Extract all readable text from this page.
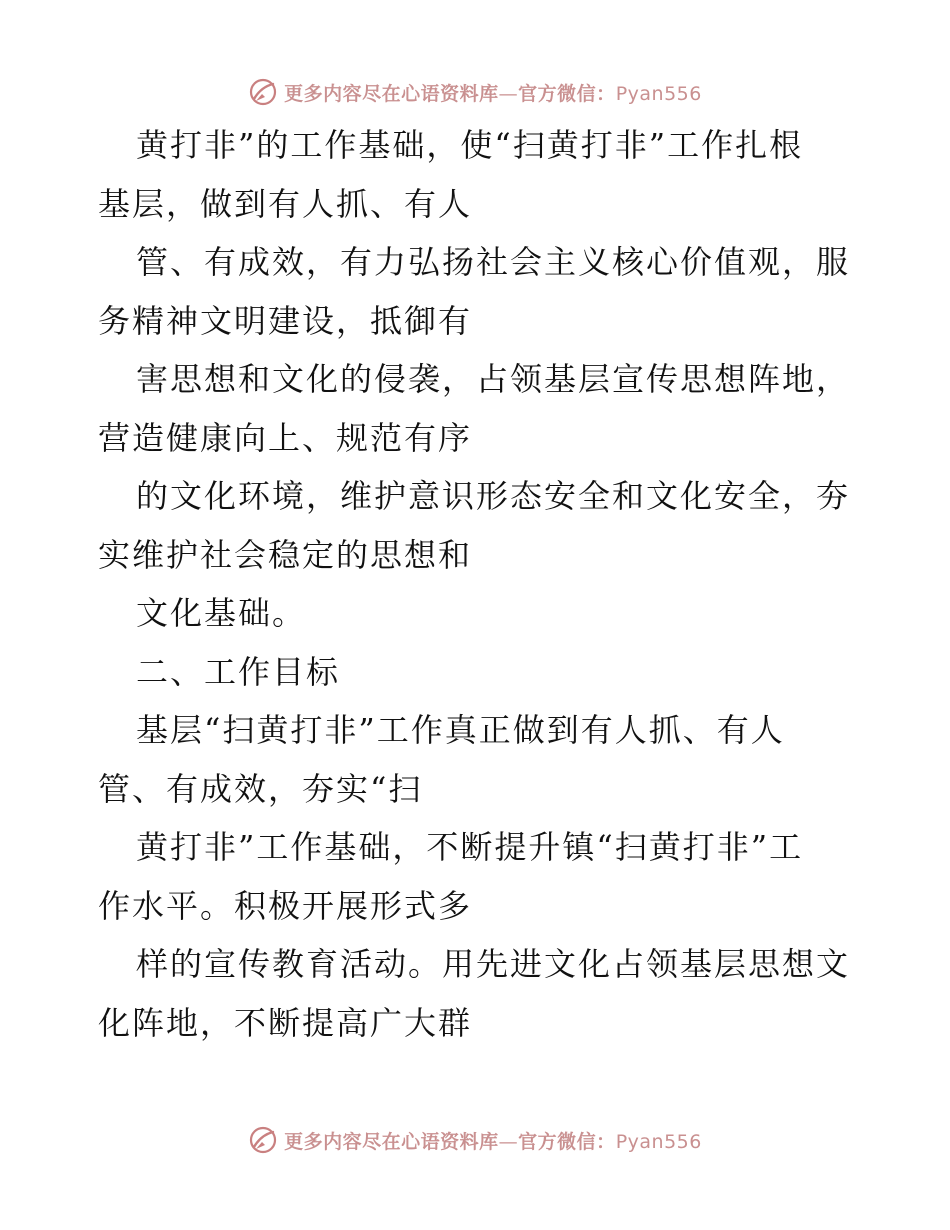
更多内容尽在心语资料库—官方微信：Pyan556
黄打非”的工作基础，使“扫黄打非”工作扎根
基层，做到有人抓、有人
管、有成效，有力弘扬社会主义核心价值观，服
务精神文明建设，抵御有
害思想和文化的侵袭，占领基层宣传思想阵地，
营造健康向上、规范有序
的文化环境，维护意识形态安全和文化安全，夯
实维护社会稳定的思想和
文化基础。
二、工作目标
基层“扫黄打非”工作真正做到有人抓、有人
管、有成效，夯实“扫
黄打非”工作基础，不断提升镇“扫黄打非”工
作水平。积极开展形式多
样的宣传教育活动。用先进文化占领基层思想文
化阵地，不断提高广大群
更多内容尽在心语资料库—官方微信：Pyan556
